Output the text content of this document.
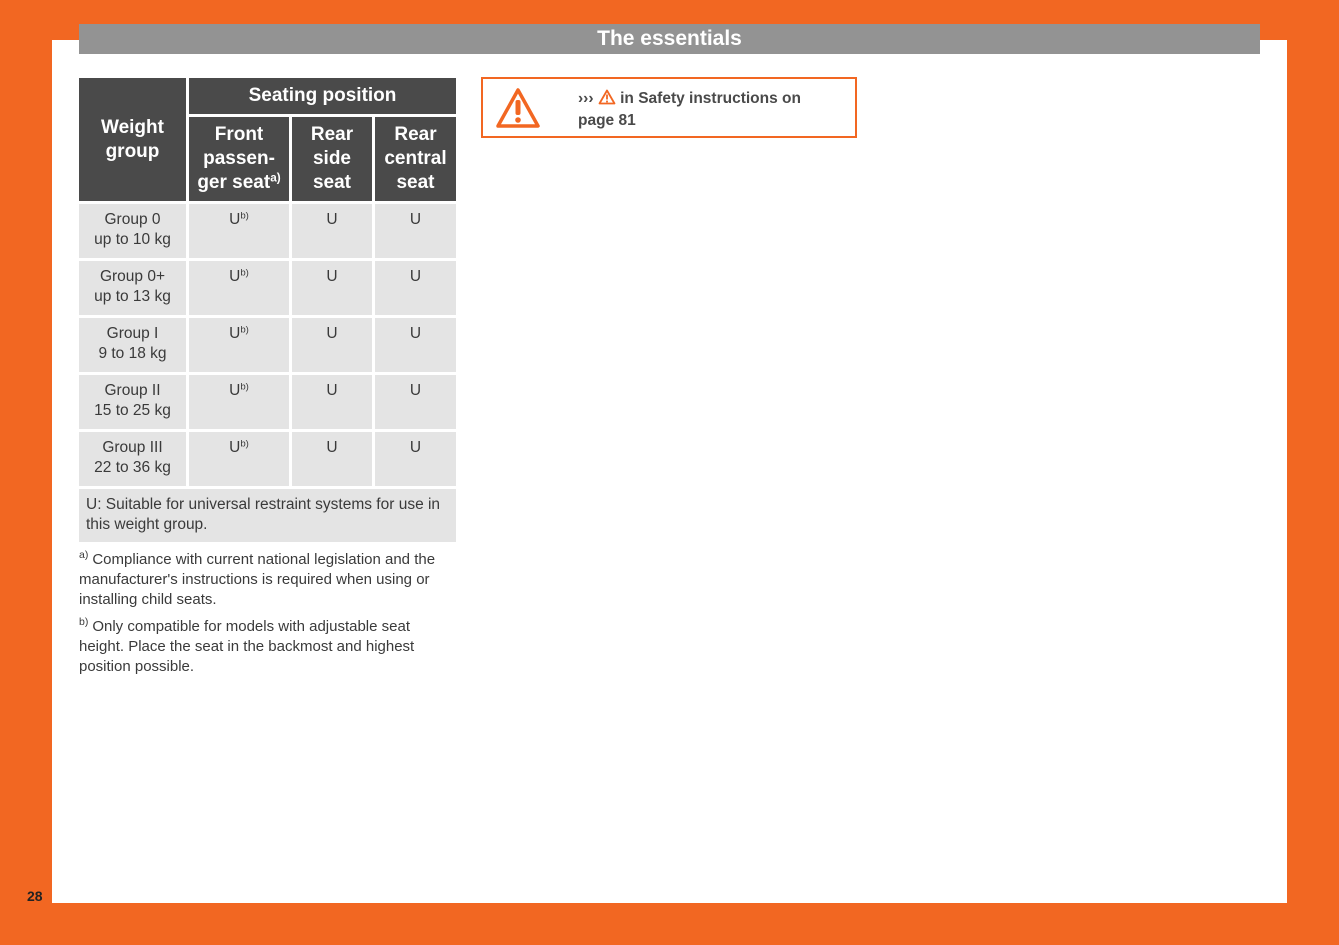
The essentials
Weight group	Seating position		
	Front passen-ger seat$^{a)}$	Rear side seat	Rear central seat
Group 0
up to 10 kg	$U^{b)}$	U	U
Group 0+
up to 13 kg	$U^{b)}$	U	U
Group I
9 to 18 kg	$U^{b)}$	U	U
Group II
15 to 25 kg	$U^{b)}$	U	U
Group III
22 to 36 kg	$U^{b)}$	U	U
U: Suitable for universal restraint systems for use in this weight group.			

$^{a)}$ Compliance with current national legislation and the manufacturer's instructions is required when using or installing child seats.

$^{b)}$ Only compatible for models with adjustable seat height. Place the seat in the backmost and highest position possible.

››› in Safety instructions on page 81
28
